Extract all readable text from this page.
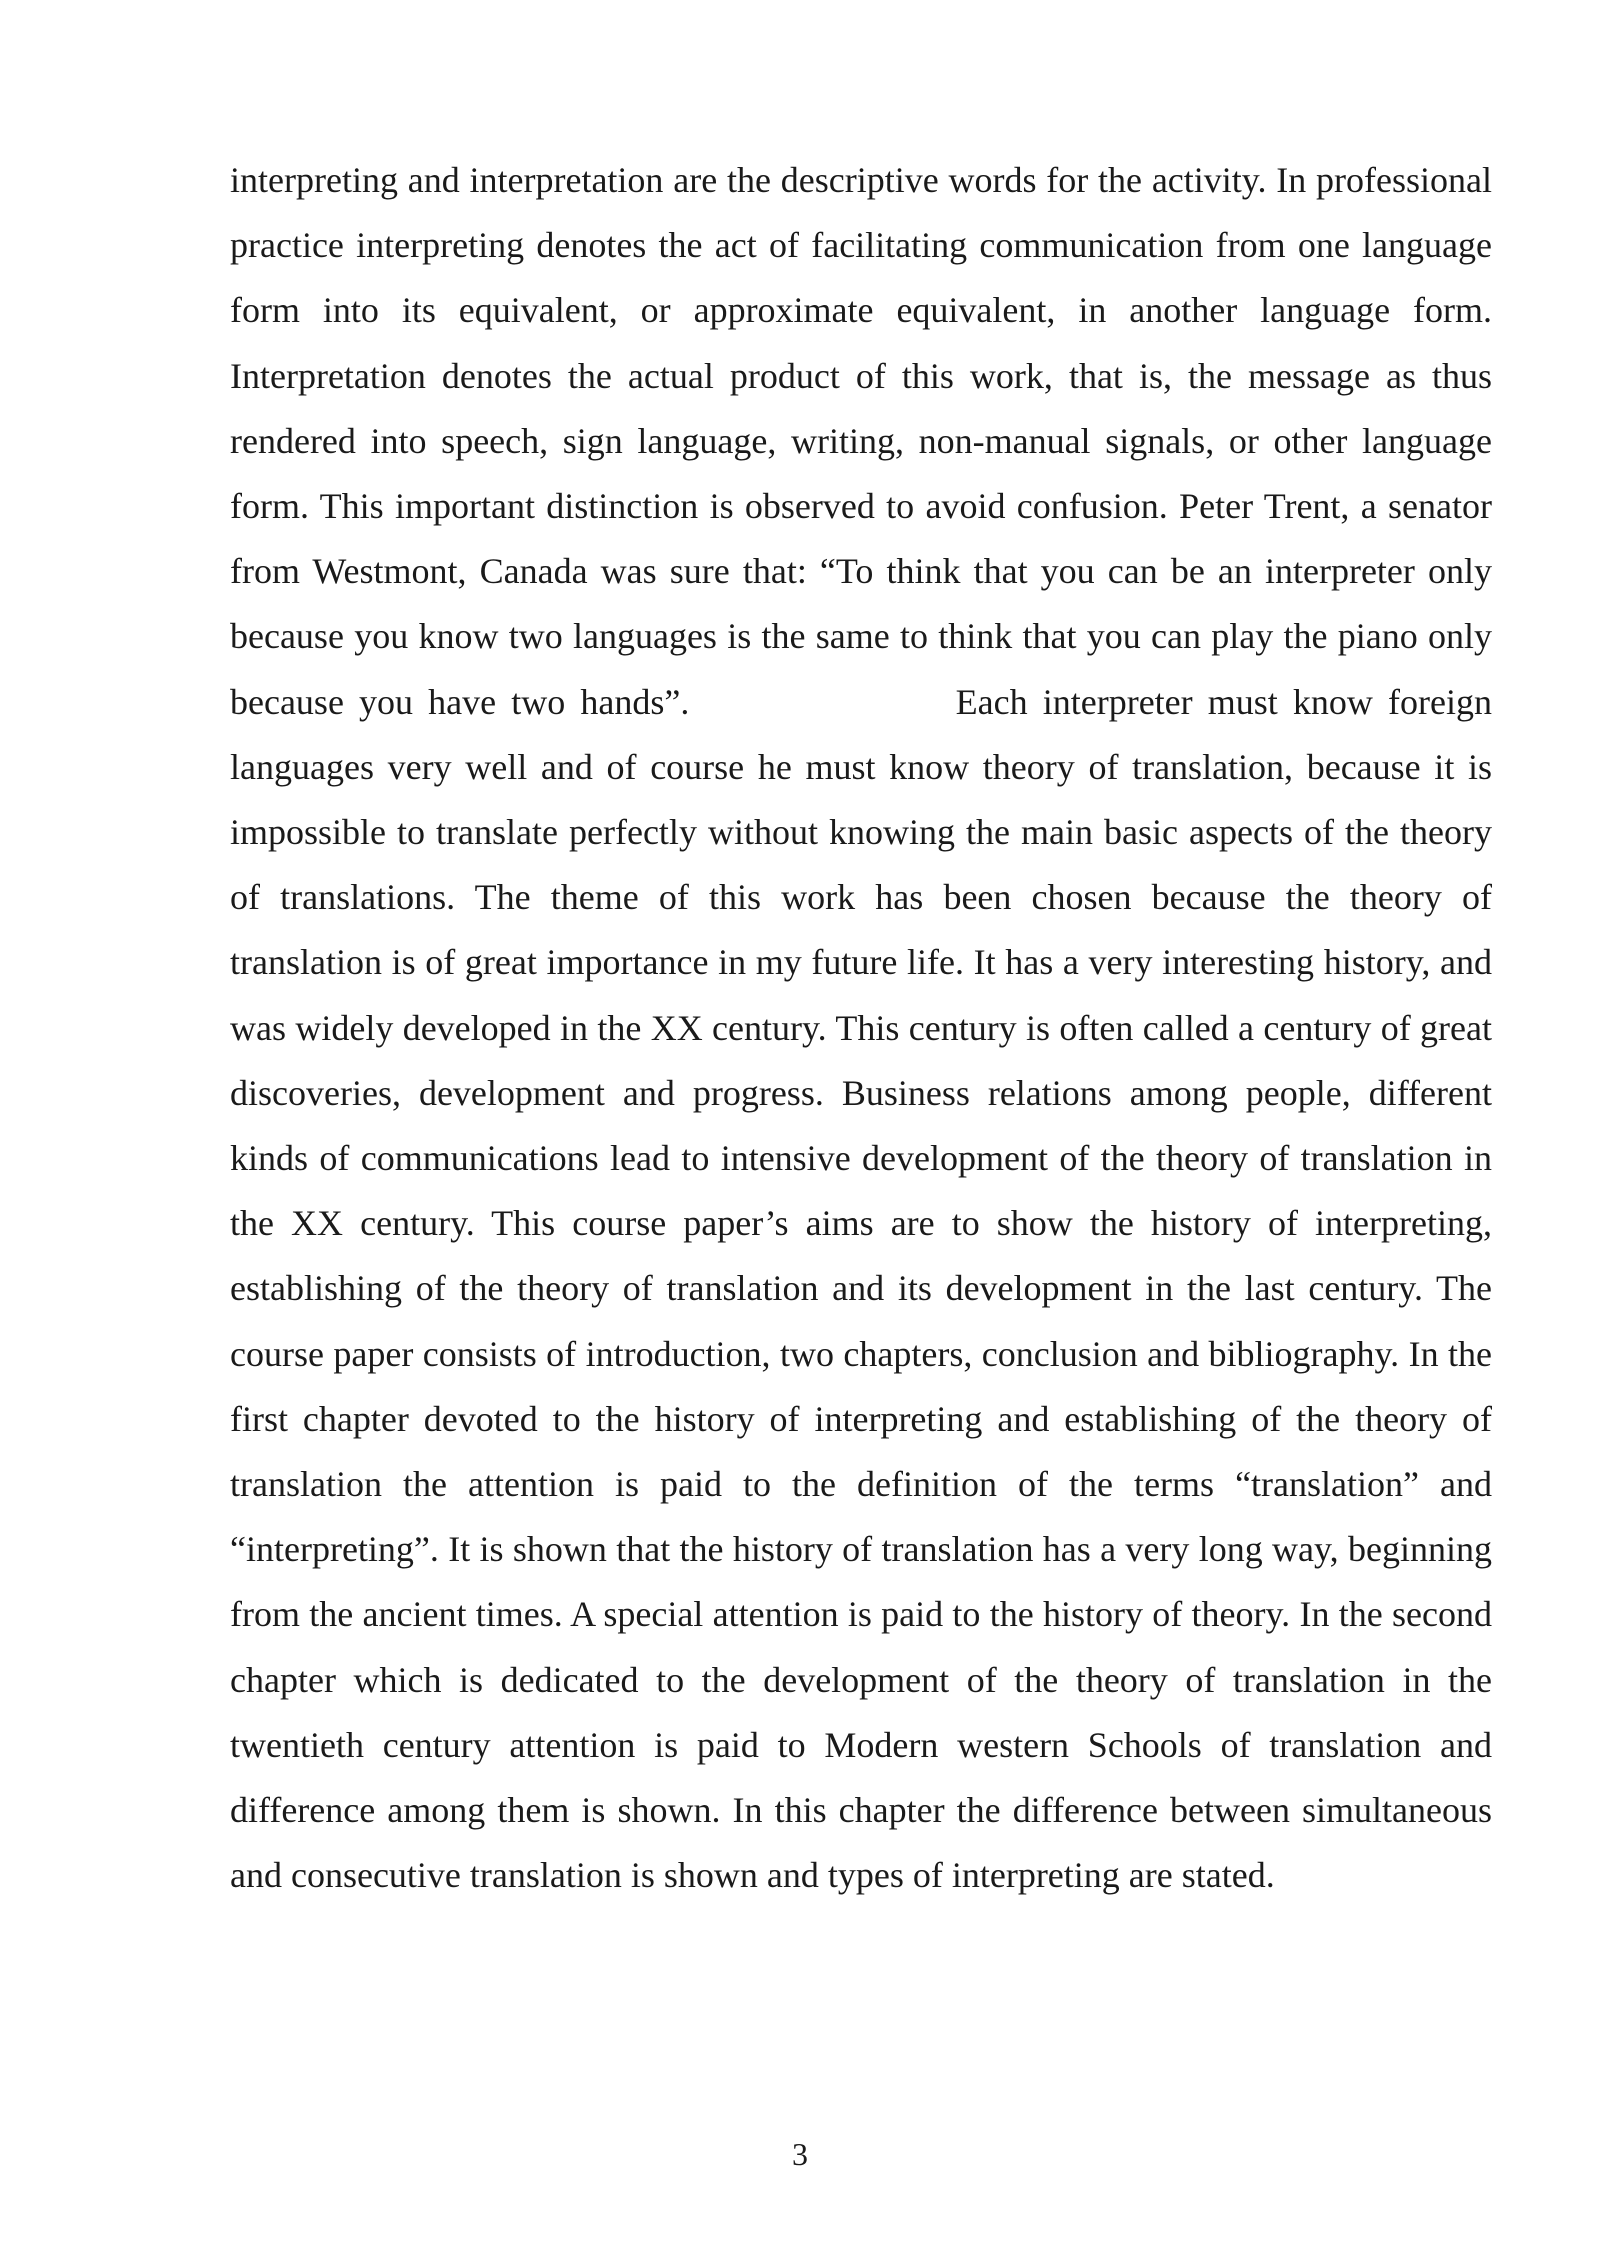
interpreting and interpretation are the descriptive words for the activity. In professional practice interpreting denotes the act of facilitating communication from one language form into its equivalent, or approximate equivalent, in another language form. Interpretation denotes the actual product of this work, that is, the message as thus rendered into speech, sign language, writing, non-manual signals, or other language form. This important distinction is observed to avoid confusion. Peter Trent, a senator from Westmont, Canada was sure that: “To think that you can be an interpreter only because you know two languages is the same to think that you can play the piano only because you have two hands”.	Each interpreter must know foreign languages very well and of course he must know theory of translation, because it is impossible to translate perfectly without knowing the main basic aspects of the theory of translations. The theme of this work has been chosen because the theory of translation is of great importance in my future life. It has a very interesting history, and was widely developed in the XX century. This century is often called a century of great discoveries, development and progress. Business relations among people, different kinds of communications lead to intensive development of the theory of translation in the XX century. This course paper’s aims are to show the history of interpreting, establishing of the theory of translation and its development in the last century. The course paper consists of introduction, two chapters, conclusion and bibliography. In the first chapter devoted to the history of interpreting and establishing of the theory of translation the attention is paid to the definition of the terms “translation” and “interpreting”. It is shown that the history of translation has a very long way, beginning from the ancient times. A special attention is paid to the history of theory. In the second chapter which is dedicated to the development of the theory of translation in the twentieth century attention is paid to Modern western Schools of translation and difference among them is shown. In this chapter the difference between simultaneous and consecutive translation is shown and types of interpreting are stated.

3
